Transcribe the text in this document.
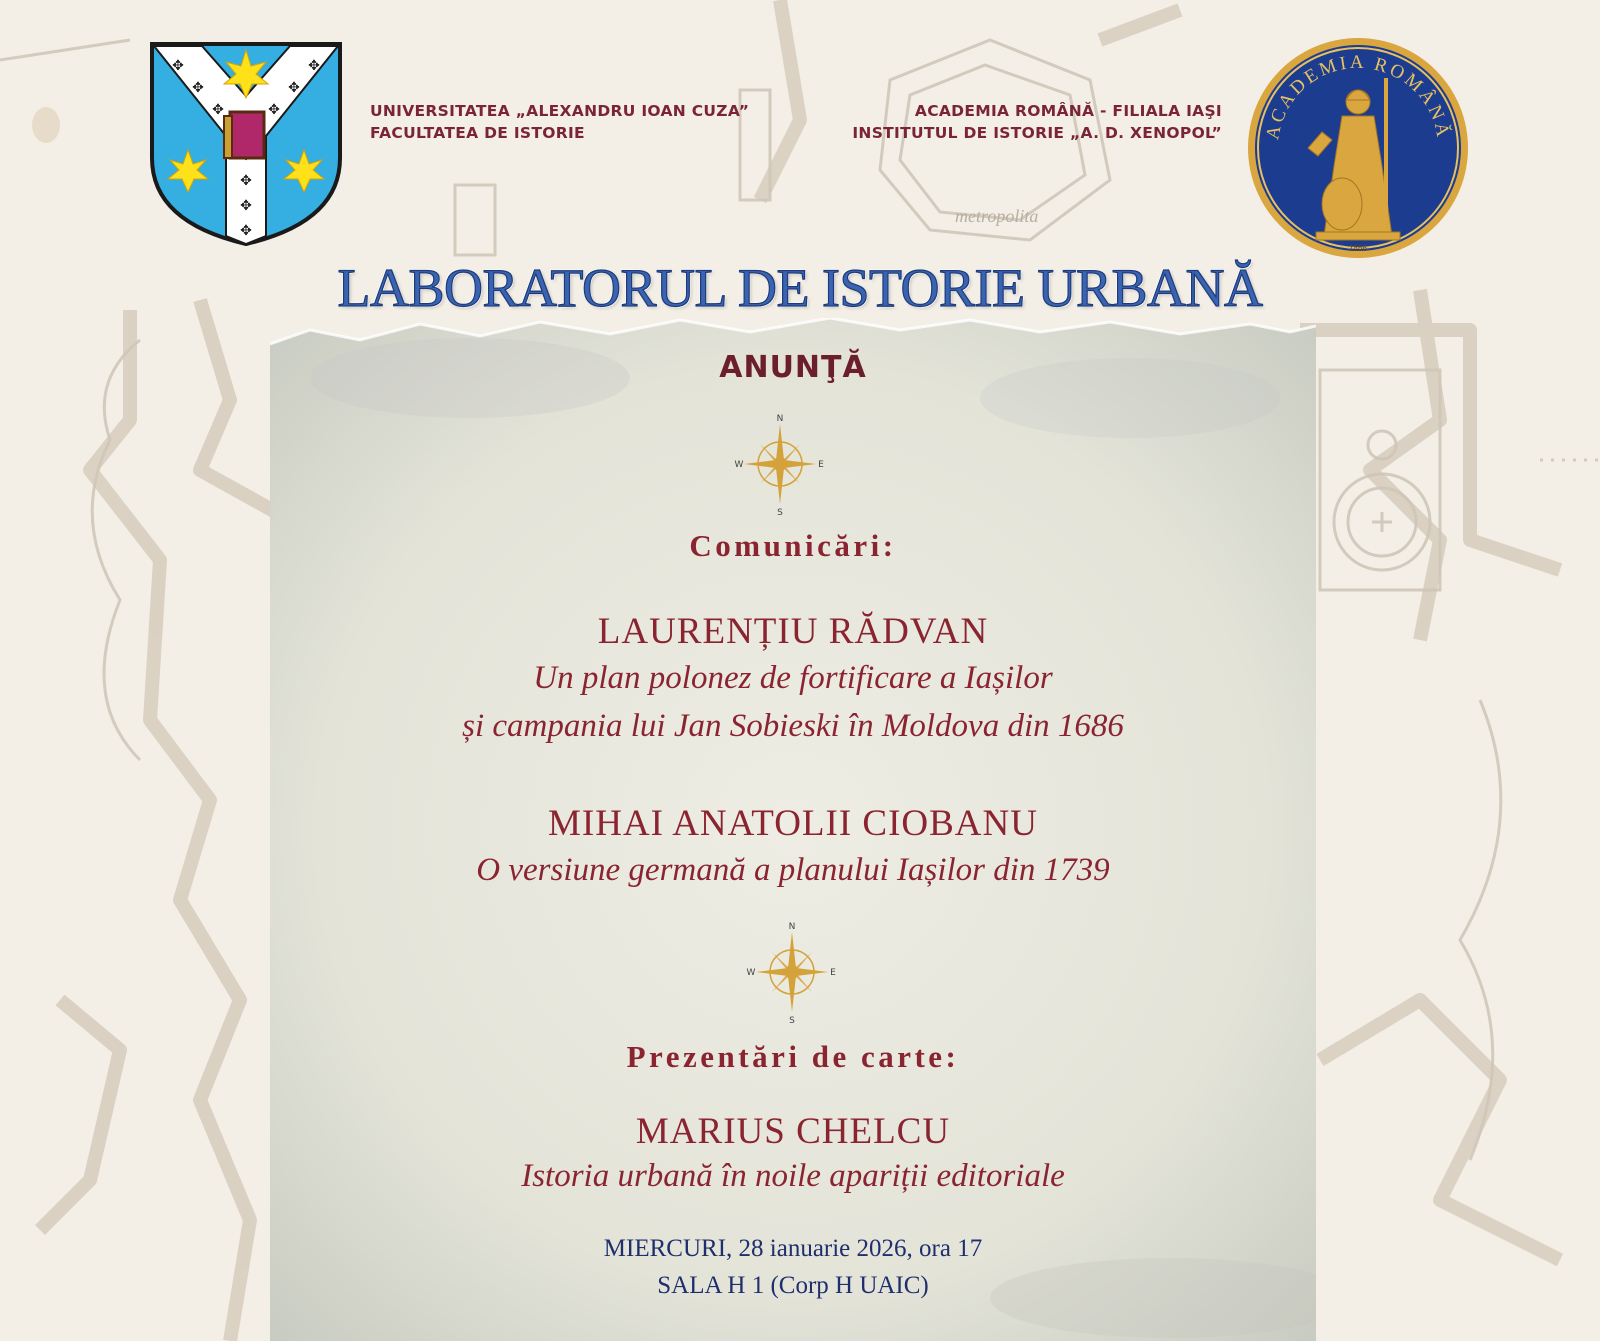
metropolita
✥
✥
✥
✥
✥
✥
✥
✥
✥
UNIVERSITATEA „ALEXANDRU IOAN CUZA”
FACULTATEA DE ISTORIE
ACADEMIA ROMÂNĂ - FILIALA IAŞI
INSTITUTUL DE ISTORIE „A. D. XENOPOL” ACADEMIA ROMÂNĂ
1866
LABORATORUL DE ISTORIE URBANĂ
ANUNŢĂ
N
S
W	E
Comunicări:
LAURENȚIU RĂDVAN
Un plan polonez de fortificare a Iașilor
și campania lui Jan Sobieski în Moldova din 1686
MIHAI ANATOLII CIOBANU
O versiune germană a planului Iașilor din 1739
N
S
W	E
Prezentări de carte:
MARIUS CHELCU
Istoria urbană în noile apariții editoriale
MIERCURI, 28 ianuarie 2026, ora 17
SALA H 1 (Corp H UAIC)
